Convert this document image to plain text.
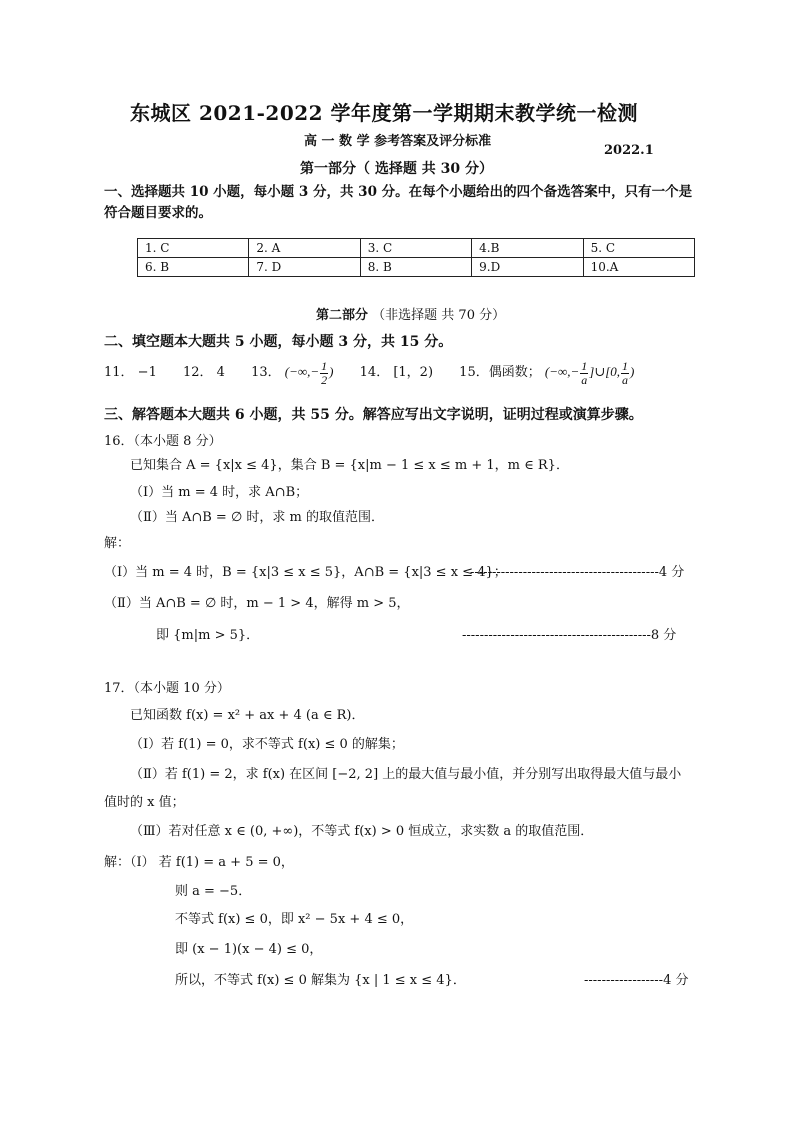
东城区 2021-2022 学年度第一学期期末教学统一检测
高 一 数 学 参考答案及评分标准
2022.1
第一部分（ 选择题 共 30 分）
一、选择题共 10 小题，每小题 3 分，共 30 分。在每个小题给出的四个备选答案中，只有一个是
符合题目要求的。
1. C	2. A	3. C	4.B	5. C
6. B	7. D	8. B	9.D	10.A
第二部分 （非选择题 共 70 分）
二、填空题本大题共 5 小题，每小题 3 分，共 15 分。
11． −1 12． 4 13． (−∞,− $\frac{1}{2}$ ) 14． [1，2) 15．偶函数； (−∞,− $\frac{1}{a}$ ]∪[0, $\frac{1}{a}$ )
三、解答题本大题共 6 小题，共 55 分。解答应写出文字说明，证明过程或演算步骤。
16．（本小题 8 分）
已知集合 A = {x|x ≤ 4}，集合 B = {x|m − 1 ≤ x ≤ m + 1，m ∈ R}．
（Ⅰ）当 m = 4 时，求 A∩B；
（Ⅱ）当 A∩B = ∅ 时，求 m 的取值范围．
解：
（Ⅰ）当 m = 4 时，B = {x|3 ≤ x ≤ 5}，A∩B = {x|3 ≤ x ≤ 4}；
-------------------------------------------4 分
（Ⅱ）当 A∩B = ∅ 时，m − 1 > 4，解得 m > 5，
即 {m|m > 5}．	-------------------------------------------8 分
17．（本小题 10 分）
已知函数 f(x) = x² + ax + 4 (a ∈ R)．
（Ⅰ）若 f(1) = 0，求不等式 f(x) ≤ 0 的解集；
（Ⅱ）若 f(1) = 2，求 f(x) 在区间 [−2, 2] 上的最大值与最小值，并分别写出取得最大值与最小
值时的 x 值；
（Ⅲ）若对任意 x ∈ (0, +∞)，不等式 f(x) > 0 恒成立，求实数 a 的取值范围．
解：（Ⅰ） 若 f(1) = a + 5 = 0，
则 a = −5．
不等式 f(x) ≤ 0，即 x² − 5x + 4 ≤ 0，
即 (x − 1)(x − 4) ≤ 0，
所以，不等式 f(x) ≤ 0 解集为 {x | 1 ≤ x ≤ 4}．	------------------4 分
